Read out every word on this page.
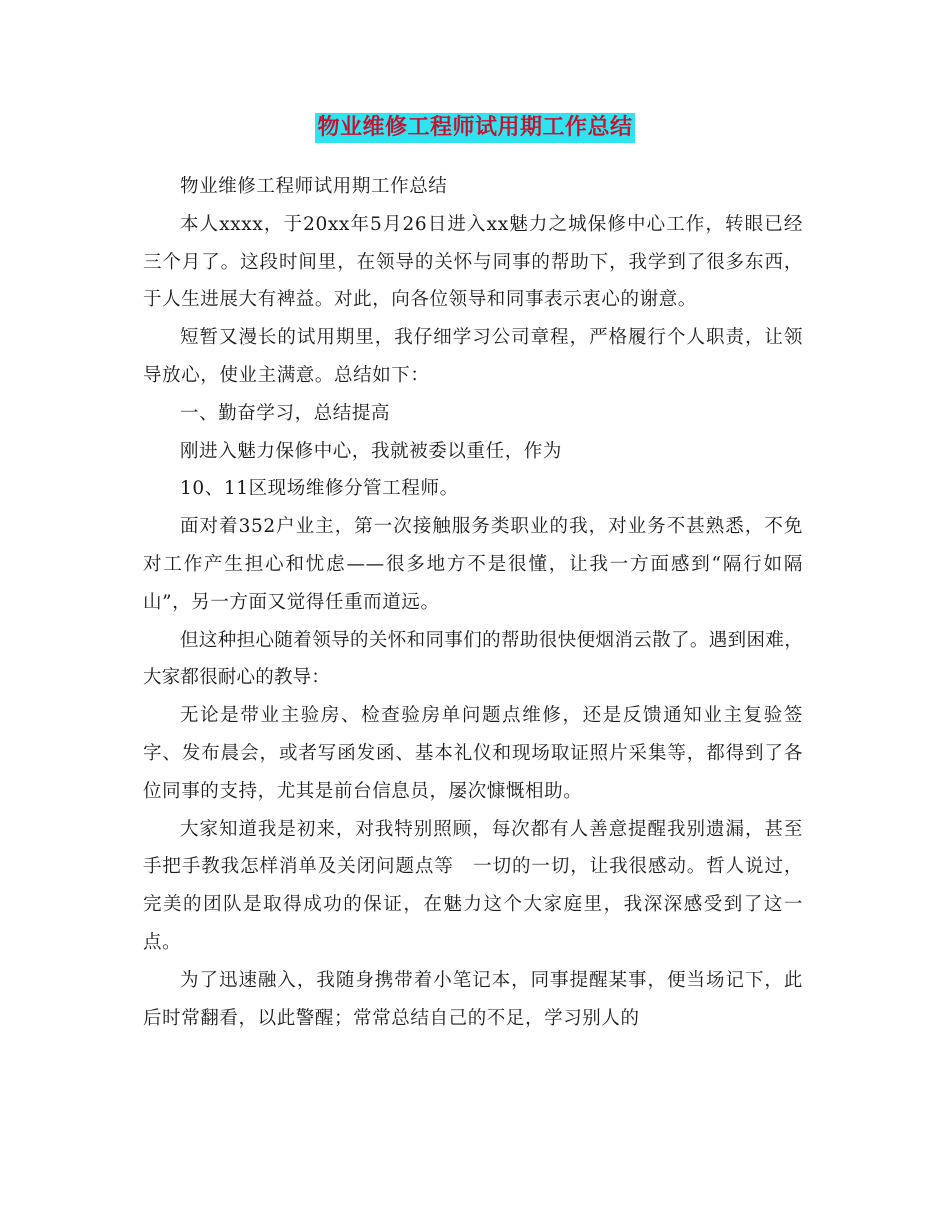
物业维修工程师试用期工作总结

物业维修工程师试用期工作总结

本人xxxx，于20xx年5月26日进入xx魅力之城保修中心工作，转眼已经三个月了。这段时间里，在领导的关怀与同事的帮助下，我学到了很多东西，于人生进展大有裨益。对此，向各位领导和同事表示衷心的谢意。

短暂又漫长的试用期里，我仔细学习公司章程，严格履行个人职责，让领导放心，使业主满意。总结如下：

一、勤奋学习，总结提高

刚进入魅力保修中心，我就被委以重任，作为

10、11区现场维修分管工程师。

面对着352户业主，第一次接触服务类职业的我，对业务不甚熟悉，不免对工作产生担心和忧虑——很多地方不是很懂，让我一方面感到“隔行如隔山”，另一方面又觉得任重而道远。

但这种担心随着领导的关怀和同事们的帮助很快便烟消云散了。遇到困难，大家都很耐心的教导：

无论是带业主验房、检查验房单问题点维修，还是反馈通知业主复验签字、发布晨会，或者写函发函、基本礼仪和现场取证照片采集等，都得到了各位同事的支持，尤其是前台信息员，屡次慷慨相助。

大家知道我是初来，对我特别照顾，每次都有人善意提醒我别遗漏，甚至手把手教我怎样消单及关闭问题点等　一切的一切，让我很感动。哲人说过，完美的团队是取得成功的保证，在魅力这个大家庭里，我深深感受到了这一点。

为了迅速融入，我随身携带着小笔记本，同事提醒某事，便当场记下，此后时常翻看，以此警醒；常常总结自己的不足，学习别人的
